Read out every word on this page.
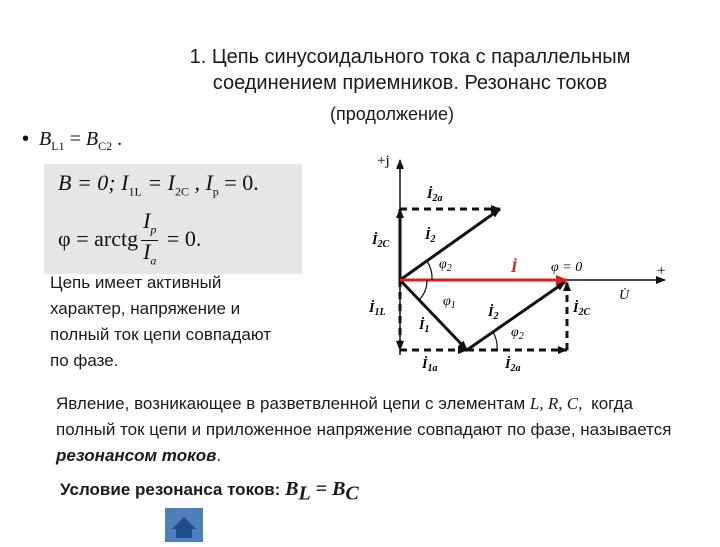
1. Цепь синусоидального тока с параллельным
соединением приемников. Резонанс токов
(продолжение)
• $B_{L1} = B_{C2}$ .
B = 0; $I_{1L} = I_{2C}$ , $I_p = 0$.
φ = arctg $\frac{I_p}{I_a} = 0$.
Цепь имеет активный характер, напряжение и полный ток цепи совпадают по фазе.
+j
+
$İ_{2a}$
$İ_{2C}$
$İ_2$
$\varphi_2$	İ φ = 0
U̇
$İ_{1L}$
$\varphi_1$
$İ_1$
$İ_2$
$İ_{2C}$
$\varphi_2$
$İ_{1a}$	$İ_{2a}$
Явление, возникающее в разветвленной цепи с элементам L, R, C, когда полный ток цепи и приложенное напряжение совпадают по фазе, называется резонансом токов.
Условие резонанса токов: $B_L = B_C$
